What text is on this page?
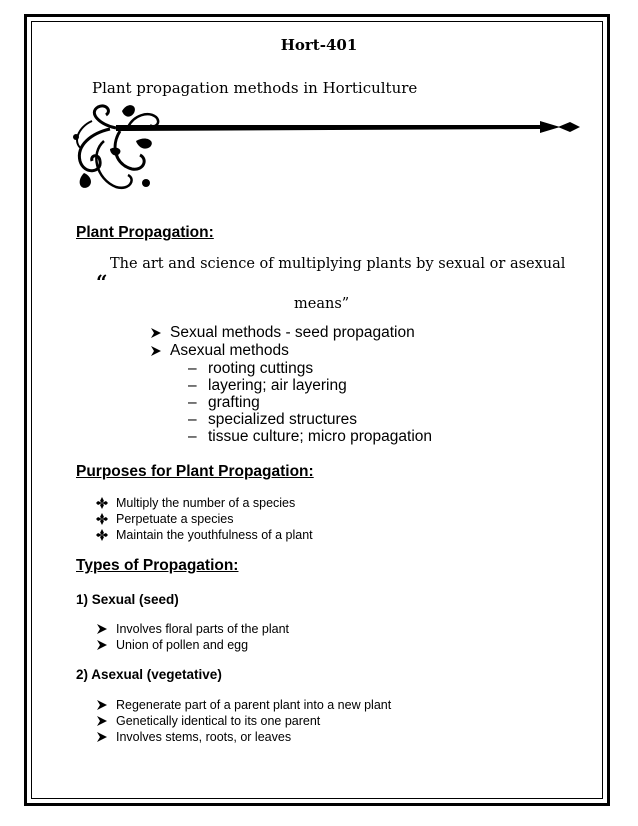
Hort-401
Plant propagation methods in Horticulture
Plant Propagation:
The art and science of multiplying plants by sexual or asexual
“
means”
Sexual methods - seed propagation
Asexual methods
– rooting cuttings
– layering; air layering
– grafting
– specialized structures
– tissue culture; micro propagation
Purposes for Plant Propagation:
Multiply the number of a species
Perpetuate a species
Maintain the youthfulness of a plant
Types of Propagation:
1) Sexual (seed)
Involves floral parts of the plant
Union of pollen and egg
2) Asexual (vegetative)
Regenerate part of a parent plant into a new plant
Genetically identical to its one parent
Involves stems, roots, or leaves
